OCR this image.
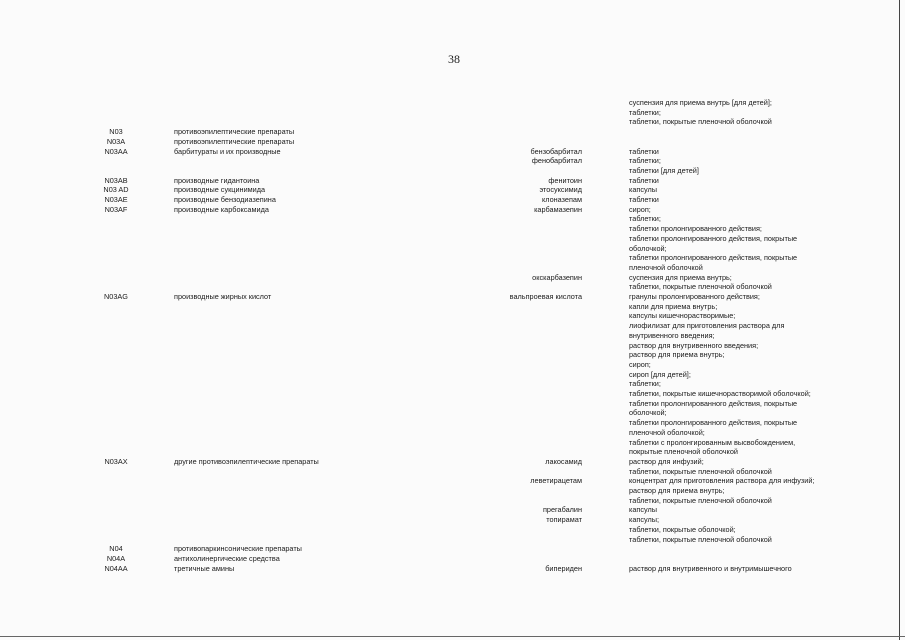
38
суспензия для приема внутрь [для детей];
таблетки;
таблетки, покрытые пленочной оболочкой
N03	противоэпилептические препараты
N03A	противоэпилептические препараты
N03AA	барбитураты и их производные	бензобарбитал	таблетки
фенобарбитал	таблетки;
таблетки [для детей]
N03AB	производные гидантоина	фенитоин	таблетки
N03 AD	производные сукцинимида	этосуксимид	капсулы
N03AE	производные бензодиазепина	клоназепам	таблетки
N03AF	производные карбоксамида	карбамазепин	сироп;
таблетки;
таблетки пролонгированного действия;
таблетки пролонгированного действия, покрытые
оболочкой;
таблетки пролонгированного действия, покрытые
пленочной оболочкой
окскарбазепин	суспензия для приема внутрь;
таблетки, покрытые пленочной оболочкой
N03AG	производные жирных кислот	вальпроевая кислота	гранулы пролонгированного действия;
капли для приема внутрь;
капсулы кишечнорастворимые;
лиофилизат для приготовления раствора для
внутривенного введения;
раствор для внутривенного введения;
раствор для приема внутрь;
сироп;
сироп [для детей];
таблетки;
таблетки, покрытые кишечнорастворимой оболочкой;
таблетки пролонгированного действия, покрытые
оболочкой;
таблетки пролонгированного действия, покрытые
пленочной оболочкой;
таблетки с пролонгированным высвобождением,
покрытые пленочной оболочкой
N03AX	другие противоэпилептические препараты	лакосамид	раствор для инфузий;
таблетки, покрытые пленочной оболочкой
леветирацетам	концентрат для приготовления раствора для инфузий;
раствор для приема внутрь;
таблетки, покрытые пленочной оболочкой
прегабалин	капсулы
топирамат	капсулы;
таблетки, покрытые оболочкой;
таблетки, покрытые пленочной оболочкой
N04	противопаркинсонические препараты
N04A	антихолинергические средства
N04AA	третичные амины	бипериден	раствор для внутривенного и внутримышечного
